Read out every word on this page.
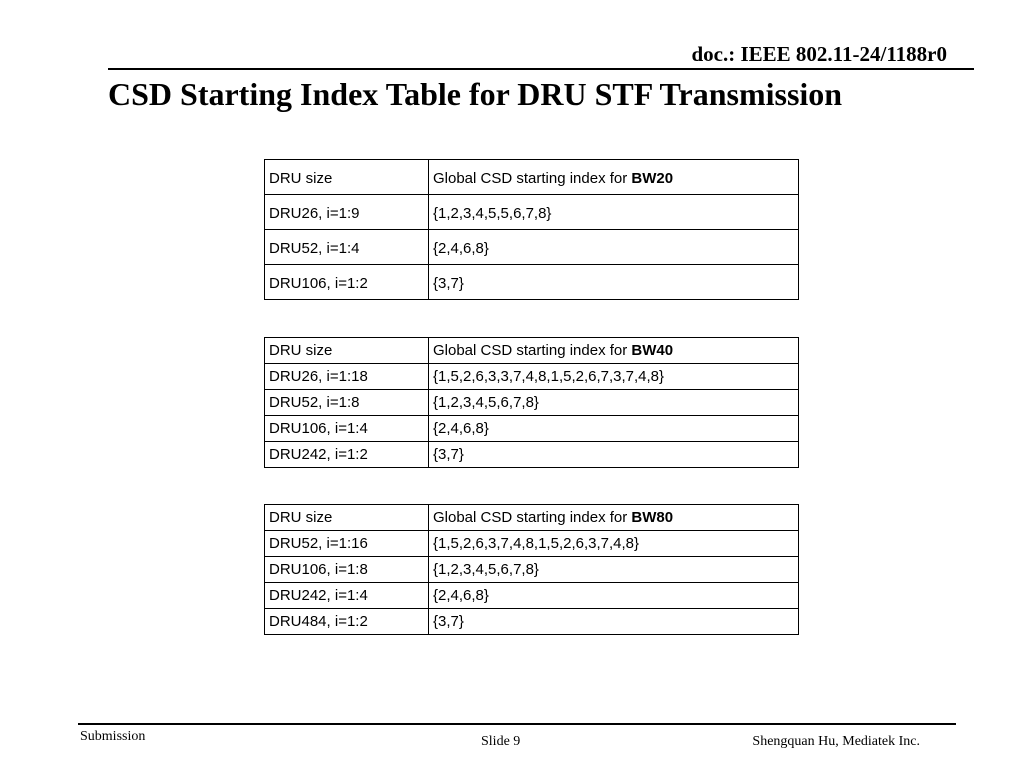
doc.: IEEE 802.11-24/1188r0
CSD Starting Index Table for DRU STF Transmission
DRU size	Global CSD starting index for BW20
DRU26, i=1:9	{1,2,3,4,5,5,6,7,8}
DRU52, i=1:4	{2,4,6,8}
DRU106, i=1:2	{3,7}
DRU size	Global CSD starting index for BW40
DRU26, i=1:18	{1,5,2,6,3,3,7,4,8,1,5,2,6,7,3,7,4,8}
DRU52, i=1:8	{1,2,3,4,5,6,7,8}
DRU106, i=1:4	{2,4,6,8}
DRU242, i=1:2	{3,7}
DRU size	Global CSD starting index for BW80
DRU52, i=1:16	{1,5,2,6,3,7,4,8,1,5,2,6,3,7,4,8}
DRU106, i=1:8	{1,2,3,4,5,6,7,8}
DRU242, i=1:4	{2,4,6,8}
DRU484, i=1:2	{3,7}
Submission	Slide 9	Shengquan Hu, Mediatek Inc.
